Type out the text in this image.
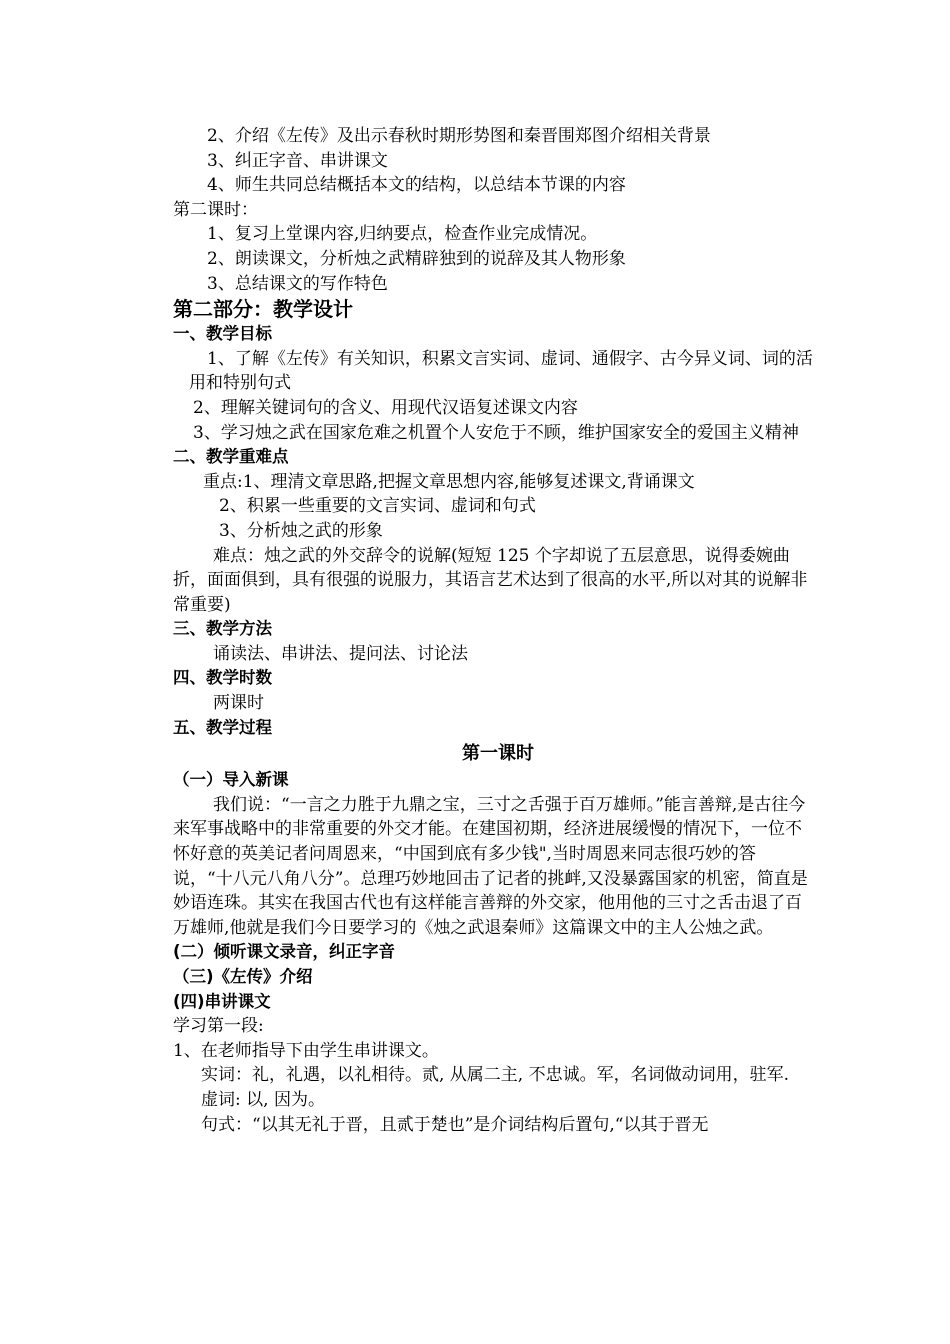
2、介绍《左传》及出示春秋时期形势图和秦晋围郑图介绍相关背景

3、纠正字音、串讲课文

4、师生共同总结概括本文的结构，以总结本节课的内容

第二课时：

1、复习上堂课内容,归纳要点，检查作业完成情况。

2、朗读课文，分析烛之武精辟独到的说辞及其人物形象

3、总结课文的写作特色

第二部分：教学设计

一、教学目标

1、了解《左传》有关知识，积累文言实词、虚词、通假字、古今异义词、词的活用和特别句式

2、理解关键词句的含义、用现代汉语复述课文内容

3、学习烛之武在国家危难之机置个人安危于不顾，维护国家安全的爱国主义精神

二、教学重难点

重点:1、理清文章思路,把握文章思想内容,能够复述课文,背诵课文

2、积累一些重要的文言实词、虚词和句式

3、分析烛之武的形象

难点：烛之武的外交辞令的说解(短短 125 个字却说了五层意思，说得委婉曲折，面面俱到，具有很强的说服力，其语言艺术达到了很高的水平,所以对其的说解非常重要)

三、教学方法

诵读法、串讲法、提问法、讨论法

四、教学时数

两课时

五、教学过程

第一课时

（一）导入新课

我们说：“一言之力胜于九鼎之宝，三寸之舌强于百万雄师。”能言善辩,是古往今来军事战略中的非常重要的外交才能。在建国初期，经济进展缓慢的情况下，一位不怀好意的英美记者问周恩来，“中国到底有多少钱",当时周恩来同志很巧妙的答说，“十八元八角八分”。总理巧妙地回击了记者的挑衅,又没暴露国家的机密，简直是妙语连珠。其实在我国古代也有这样能言善辩的外交家，他用他的三寸之舌击退了百万雄师,他就是我们今日要学习的《烛之武退秦师》这篇课文中的主人公烛之武。

(二）倾听课文录音，纠正字音

（三)《左传》介绍

(四)串讲课文

学习第一段:

1、在老师指导下由学生串讲课文。

实词：礼，礼遇，以礼相待。贰, 从属二主, 不忠诚。军，名词做动词用，驻军.

虚词: 以, 因为。

句式：“以其无礼于晋，且贰于楚也”是介词结构后置句,“以其于晋无
